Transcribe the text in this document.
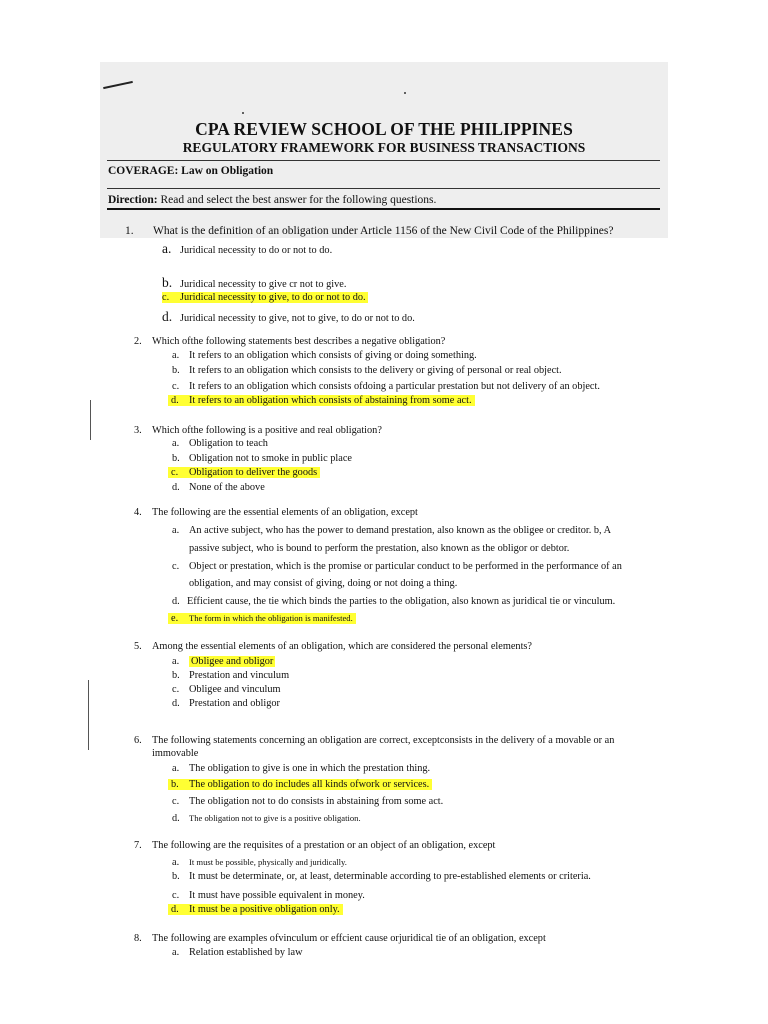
CPA REVIEW SCHOOL OF THE PHILIPPINES
REGULATORY FRAMEWORK FOR BUSINESS TRANSACTIONS
COVERAGE: Law on Obligation
Direction: Read and select the best answer for the following questions.
1. What is the definition of an obligation under Article 1156 of the New Civil Code of the Philippines?
a. Juridical necessity to do or not to do.
b. Juridical necessity to give cr not to give.
c. Juridical necessity to give, to do or not to do.
d. Juridical necessity to give, not to give, to do or not to do.
2. Which ofthe following statements best describes a negative obligation?
a. It refers to an obligation which consists of giving or doing something.
b. It refers to an obligation which consists to the delivery or giving of personal or real object.
c. It refers to an obligation which consists ofdoing a particular prestation but not delivery of an object.
d. It refers to an obligation which consists of abstaining from some act.
3. Which ofthe following is a positive and real obligation?
a. Obligation to teach
b. Obligation not to smoke in public place
c. Obligation to deliver the goods
d. None of the above
4. The following are the essential elements of an obligation, except
a. An active subject, who has the power to demand prestation, also known as the obligee or creditor. b, A
passive subject, who is bound to perform the prestation, also known as the obligor or debtor.
c. Object or prestation, which is the promise or particular conduct to be performed in the performance of an
obligation, and may consist of giving, doing or not doing a thing.
d. Efficient cause, the tie which binds the parties to the obligation, also known as juridical tie or vinculum.
e. The form in which the obligation is manifested.
5. Among the essential elements of an obligation, which are considered the personal elements?
a. Obligee and obligor
b. Prestation and vinculum
c. Obligee and vinculum
d. Prestation and obligor
6. The following statements concerning an obligation are correct, exceptconsists in the delivery of a movable or an
immovable
a. The obligation to give is one in which the prestation thing.
b. The obligation to do includes all kinds ofwork or services.
c. The obligation not to do consists in abstaining from some act.
d. The obligation not to give is a positive obligation.
7. The following are the requisites of a prestation or an object of an obligation, except
a. It must be possible, physically and juridically.
b. It must be determinate, or, at least, determinable according to pre-established elements or criteria.
c. It must have possible equivalent in money.
d. It must be a positive obligation only.
8. The following are examples ofvinculum or effcient cause orjuridical tie of an obligation, except
a. Relation established by law
